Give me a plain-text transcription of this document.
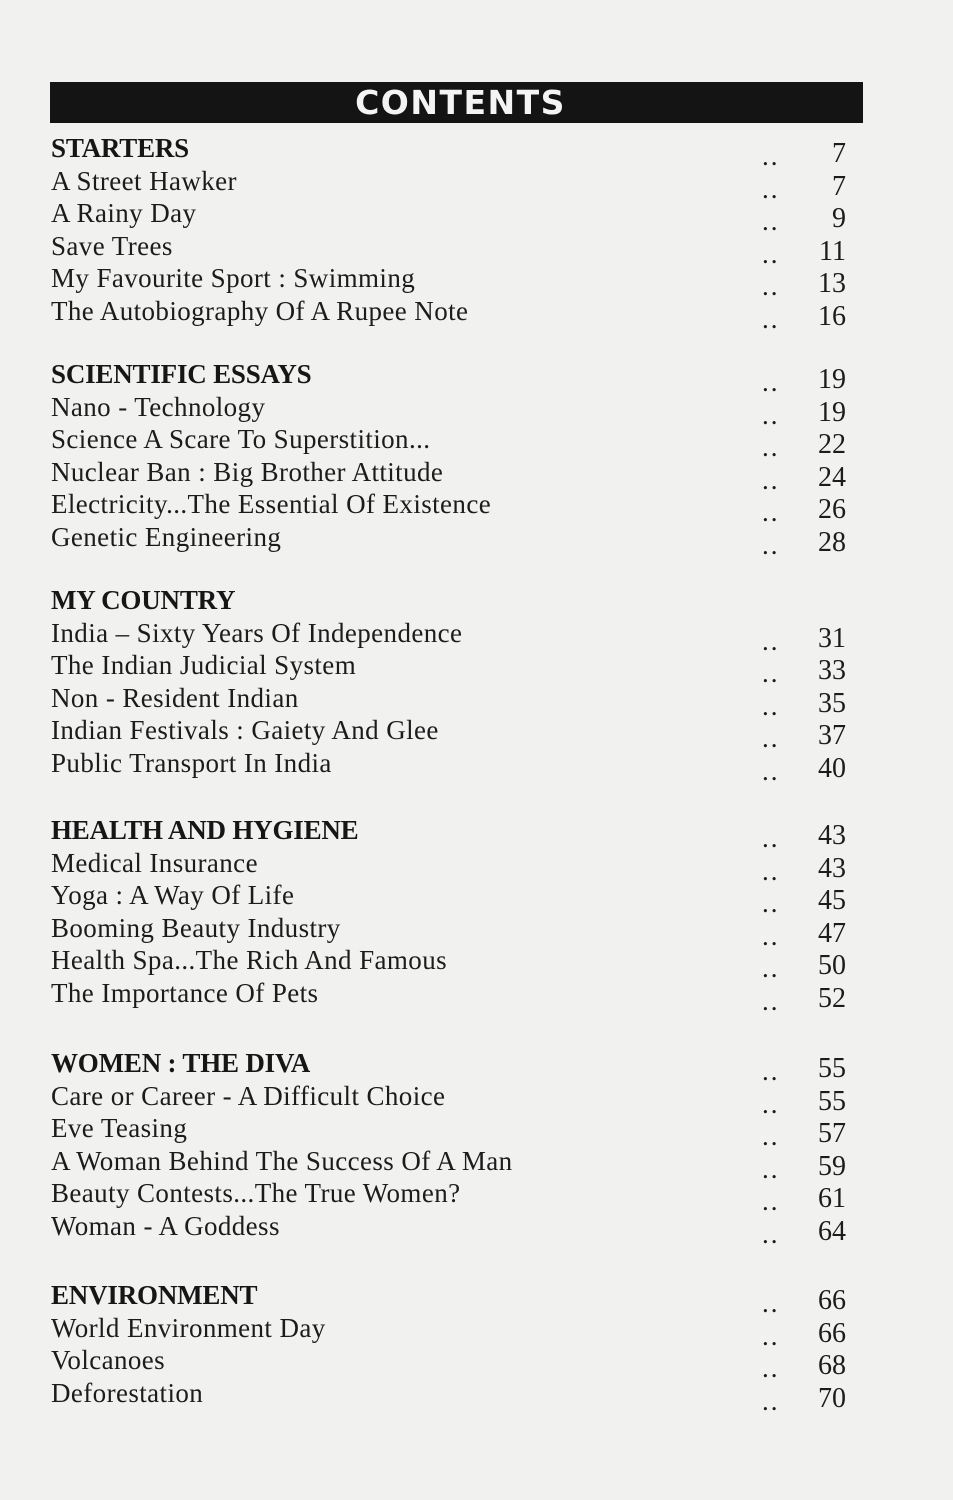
CONTENTS
STARTERS	.. 7
A Street Hawker	.. 7
A Rainy Day	.. 9
Save Trees	.. 11
My Favourite Sport : Swimming	.. 13
The Autobiography Of A Rupee Note	.. 16
SCIENTIFIC ESSAYS	.. 19
Nano - Technology	.. 19
Science A Scare To Superstition...	.. 22
Nuclear Ban : Big Brother Attitude	.. 24
Electricity...The Essential Of Existence	.. 26
Genetic Engineering	.. 28
MY COUNTRY
India – Sixty Years Of Independence	.. 31
The Indian Judicial System	.. 33
Non - Resident Indian	.. 35
Indian Festivals : Gaiety And Glee	.. 37
Public Transport In India	.. 40
HEALTH AND HYGIENE	.. 43
Medical Insurance	.. 43
Yoga : A Way Of Life	.. 45
Booming Beauty Industry	.. 47
Health Spa...The Rich And Famous	.. 50
The Importance Of Pets	.. 52
WOMEN : THE DIVA	.. 55
Care or Career - A Difficult Choice	.. 55
Eve Teasing	.. 57
A Woman Behind The Success Of A Man	.. 59
Beauty Contests...The True Women?	.. 61
Woman - A Goddess	.. 64
ENVIRONMENT	.. 66
World Environment Day	.. 66
Volcanoes	.. 68
Deforestation	.. 70
